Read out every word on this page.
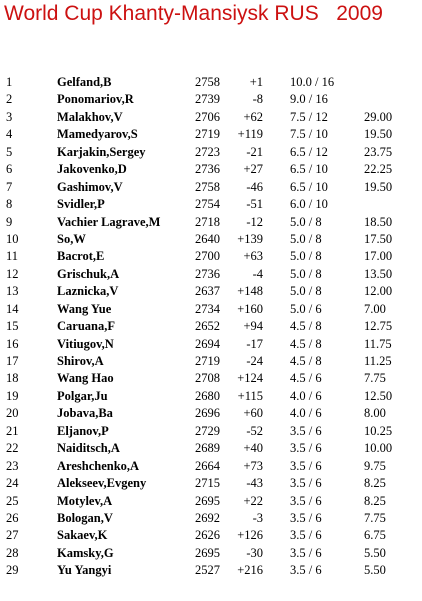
World Cup Khanty-Mansiysk RUS   2009
1	Gelfand,B	2758 +1 10.0 / 16
2	Ponomariov,R	2739	-8 9.0 / 16
3	Malakhov,V	2706 +62 7.5 / 12	29.00
4	Mamedyarov,S	2719 +119 7.5 / 10	19.50
5	Karjakin,Sergey	2723 -21 6.5 / 12	23.75
6	Jakovenko,D	2736 +27 6.5 / 10	22.25
7	Gashimov,V	2758 -46 6.5 / 10	19.50
8	Svidler,P	2754 -51 6.0 / 10
9	Vachier Lagrave,M	2718 -12 5.0 / 8	18.50
10	So,W	2640 +139 5.0 / 8	17.50
11	Bacrot,E	2700 +63 5.0 / 8	17.00
12	Grischuk,A	2736	-4 5.0 / 8	13.50
13	Laznicka,V	2637 +148 5.0 / 8	12.00
14	Wang Yue	2734 +160 5.0 / 6	7.00
15	Caruana,F	2652 +94 4.5 / 8	12.75
16	Vitiugov,N	2694 -17 4.5 / 8	11.75
17	Shirov,A	2719 -24 4.5 / 8	11.25
18	Wang Hao	2708 +124 4.5 / 6	7.75
19	Polgar,Ju	2680 +115 4.0 / 6	12.50
20	Jobava,Ba	2696 +60 4.0 / 6	8.00
21	Eljanov,P	2729 -52 3.5 / 6	10.25
22	Naiditsch,A	2689 +40 3.5 / 6	10.00
23	Areshchenko,A	2664 +73 3.5 / 6	9.75
24	Alekseev,Evgeny	2715 -43 3.5 / 6	8.25
25	Motylev,A	2695 +22 3.5 / 6	8.25
26	Bologan,V	2692	-3 3.5 / 6	7.75
27	Sakaev,K	2626 +126 3.5 / 6	6.75
28	Kamsky,G	2695 -30 3.5 / 6	5.50
29	Yu Yangyi	2527 +216 3.5 / 6	5.50
